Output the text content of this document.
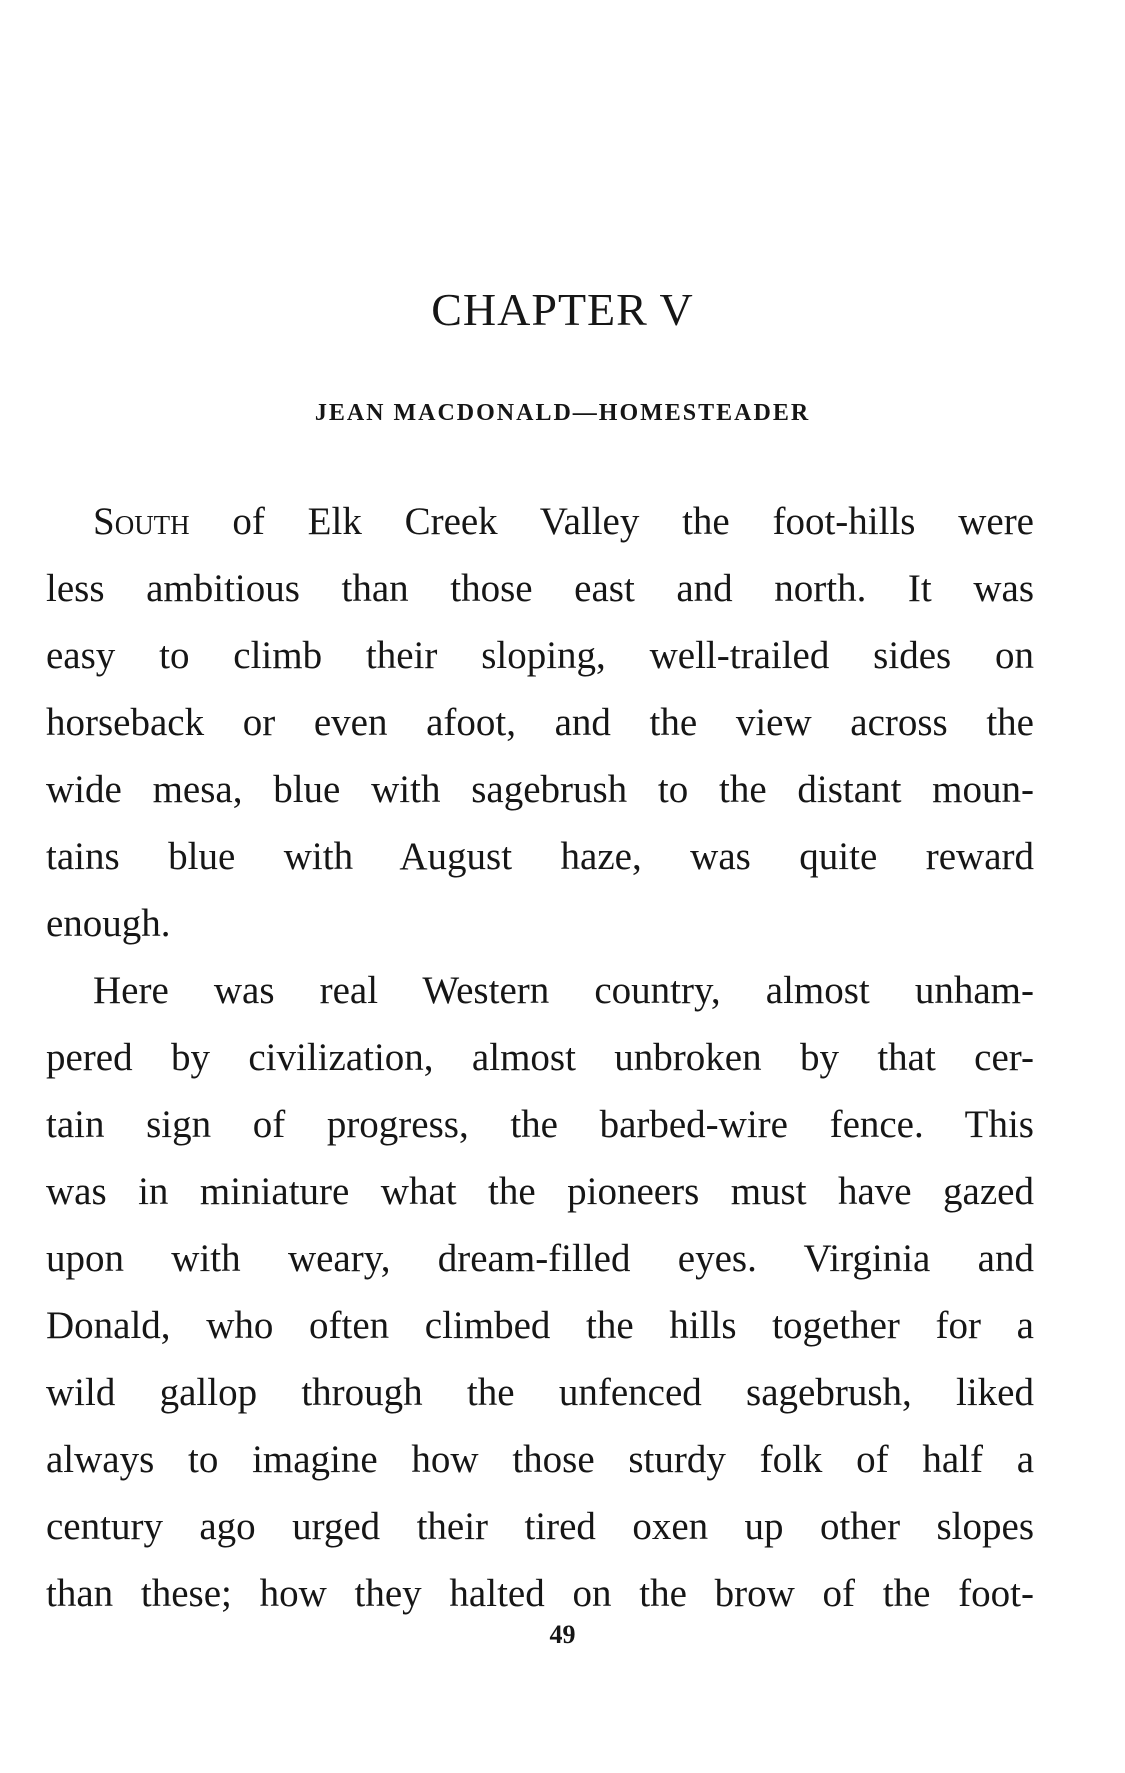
CHAPTER V
JEAN MACDONALD—HOMESTEADER
South of Elk Creek Valley the foot-hills were
less ambitious than those east and north. It was
easy to climb their sloping, well-trailed sides on
horseback or even afoot, and the view across the
wide mesa, blue with sagebrush to the distant moun-
tains blue with August haze, was quite reward
enough.
Here was real Western country, almost unham-
pered by civilization, almost unbroken by that cer-
tain sign of progress, the barbed-wire fence. This
was in miniature what the pioneers must have gazed
upon with weary, dream-filled eyes. Virginia and
Donald, who often climbed the hills together for a
wild gallop through the unfenced sagebrush, liked
always to imagine how those sturdy folk of half a
century ago urged their tired oxen up other slopes
than these; how they halted on the brow of the foot-
49
